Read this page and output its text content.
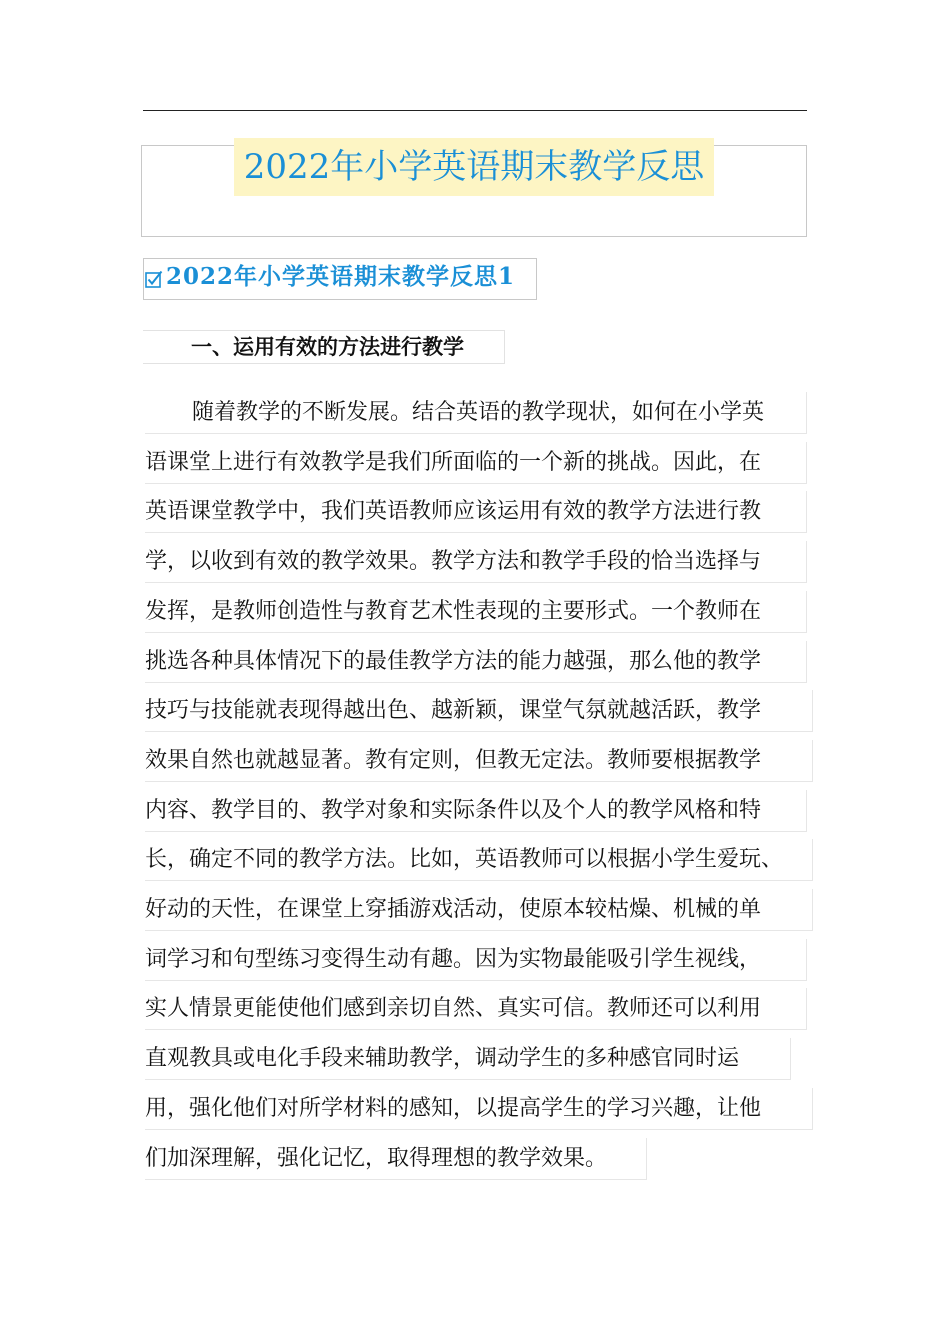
2022年小学英语期末教学反思
2022年小学英语期末教学反思1
一、运用有效的方法进行教学
随着教学的不断发展。结合英语的教学现状，如何在小学英
语课堂上进行有效教学是我们所面临的一个新的挑战。因此，在
英语课堂教学中，我们英语教师应该运用有效的教学方法进行教
学，以收到有效的教学效果。教学方法和教学手段的恰当选择与
发挥，是教师创造性与教育艺术性表现的主要形式。一个教师在
挑选各种具体情况下的最佳教学方法的能力越强，那么他的教学
技巧与技能就表现得越出色、越新颖，课堂气氛就越活跃，教学
效果自然也就越显著。教有定则，但教无定法。教师要根据教学
内容、教学目的、教学对象和实际条件以及个人的教学风格和特
长，确定不同的教学方法。比如，英语教师可以根据小学生爱玩、
好动的天性，在课堂上穿插游戏活动，使原本较枯燥、机械的单
词学习和句型练习变得生动有趣。因为实物最能吸引学生视线，
实人情景更能使他们感到亲切自然、真实可信。教师还可以利用
直观教具或电化手段来辅助教学，调动学生的多种感官同时运
用，强化他们对所学材料的感知，以提高学生的学习兴趣，让他
们加深理解，强化记忆，取得理想的教学效果。
